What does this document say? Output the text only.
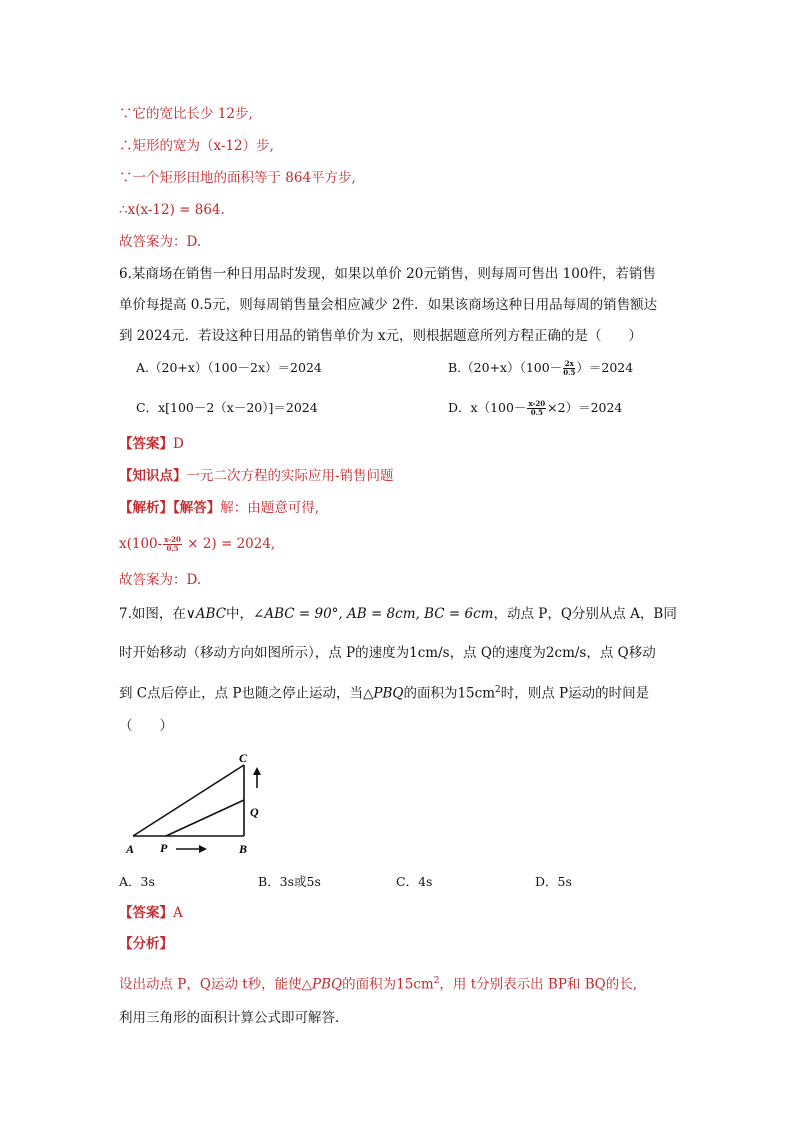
∵它的宽比长少 12步,
∴矩形的宽为（x-12）步,
∵一个矩形田地的面积等于 864平方步,
∴x(x-12) = 864.
故答案为：D.
6.某商场在销售一种日用品时发现，如果以单价 20元销售，则每周可售出 100件，若销售
单价每提高 0.5元，则每周销售量会相应减少 2件．如果该商场这种日用品每周的销售额达
到 2024元．若设这种日用品的销售单价为 x元，则根据题意所列方程正确的是（　　）
A.（20+x）（100－2x）＝2024	$B.(20+x)(100- \frac{2x}{0.5} )=2024$
C．x[100－2（x－20）]＝2024	D．$x(100- \frac{x-20}{0.5} \times 2)=2024$
【答案】D
【知识点】一元二次方程的实际应用-销售问题
【解析】【解答】解：由题意可得,
$x(100- \frac{x-20}{0.5} \times 2) = 2024$,
故答案为：D.
7.如图，在∨ABC中，∠ABC = 90°, AB = 8cm, BC = 6cm，动点 P，Q分别从点 A，B同
时开始移动（移动方向如图所示），点 P的速度为1cm/s，点 Q的速度为2cm/s，点 Q移动
到 C点后停止，点 P也随之停止运动，当△PBQ的面积为$15cm^2$时，则点 P运动的时间是
（　　）
C
Q
A P	B
A．3s	B．3s或5s	C．4s	D．5s
【答案】A
【分析】
设出动点 P，Q运动 t秒，能使△PBQ的面积为$15cm^2$，用 t分别表示出 BP和 BQ的长,
利用三角形的面积计算公式即可解答.
